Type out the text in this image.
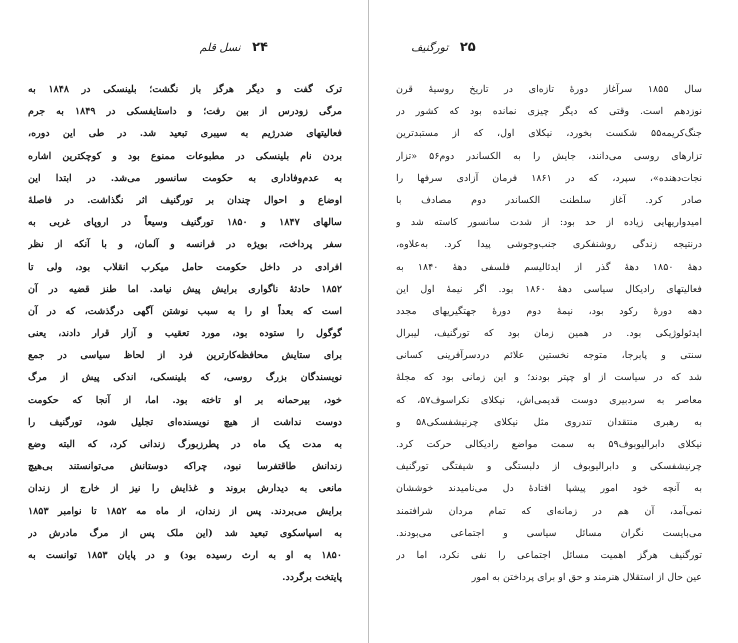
۲۴ نسل قلم
ترک گفت و دیگر هرگز باز نگشت؛ بلینسکی در ۱۸۴۸ به
مرگی زودرس از بین رفت؛ و داستایفسکی در ۱۸۴۹ به جرم
فعالیتهای ضدرژیم به سیبری تبعید شد. در طی این دوره،
بردن نام بلینسکی در مطبوعات ممنوع بود و کوچکترین اشاره
به عدم‌وفاداری به حکومت سانسور می‌شد. در ابتدا این
اوضاع و احوال چندان بر تورگنیف اثر نگذاشت. در فاصلهٔ
سالهای ۱۸۴۷ و ۱۸۵۰ تورگنیف وسیعاً در اروپای غربی به
سفر پرداخت، بویژه در فرانسه و آلمان، و با آنکه از نظر
افرادی در داخل حکومت حامل میکرب انقلاب بود، ولی تا
۱۸۵۲ حادثهٔ ناگواری برایش پیش نیامد. اما طنز قضیه در آن
است که بعداً او را به سبب نوشتن آگهی درگذشت، که در آن
گوگول را ستوده بود، مورد تعقیب و آزار قرار دادند، یعنی
برای ستایش محافظه‌کارترین فرد از لحاظ سیاسی در جمع
نویسندگان بزرگ روسی، که بلینسکی، اندکی پیش از مرگ
خود، بیرحمانه بر او تاخته بود. اما، از آنجا که حکومت
دوست نداشت از هیچ نویسنده‌ای تجلیل شود، تورگنیف را
به مدت یک ماه در پطرزبورگ زندانی کرد، که البته وضع
زندانش طاقتفرسا نبود، چراکه دوستانش می‌توانستند بی‌هیچ
مانعی به دیدارش بروند و غذایش را نیز از خارج از زندان
برایش می‌بردند. پس از زندان، از ماه مه ۱۸۵۲ تا نوامبر ۱۸۵۳
به اسپاسکوی تبعید شد (این ملک پس از مرگ مادرش در
۱۸۵۰ به او به ارث رسیده بود) و در پایان ۱۸۵۳ توانست به
پایتخت برگردد.
۲۵ تورگنیف
سال ۱۸۵۵ سرآغاز دورهٔ تازه‌ای در تاریخ روسیهٔ قرن
نوزدهم است. وقتی که دیگر چیزی نمانده بود که کشور در
جنگ‌کریمه۵۵ شکست بخورد، نیکلای اول، که از مستبدترین
تزارهای روسی می‌دانند، جایش را به الکساندر دوم۵۶ «تزار
نجات‌دهنده»، سپرد، که در ۱۸۶۱ فرمان آزادی سرفها را
صادر کرد. آغاز سلطنت الکساندر دوم مصادف با
امیدواریهایی زیاده از حد بود: از شدت سانسور کاسته شد و
درنتیجه زندگی روشنفکری جنب‌وجوشی پیدا کرد. به‌علاوه،
دههٔ ۱۸۵۰ دههٔ گذر از ایدئالیسم فلسفی دههٔ ۱۸۴۰ به
فعالیتهای رادیکال سیاسی دههٔ ۱۸۶۰ بود. اگر نیمهٔ اول این
دهه دورهٔ رکود بود، نیمهٔ دوم دورهٔ جهتگیریهای مجدد
ایدئولوژیکی بود. در همین زمان بود که تورگنیف، لیبرال
سنتی و پابرجا، متوجه نخستین علائم دردسرآفرینی کسانی
شد که در سیاست از او چپتر بودند؛ و این زمانی بود که مجلهٔ
معاصر به سردبیری دوست قدیمی‌اش، نیکلای نکراسوف۵۷، که
به رهبری منتقدان تندروی مثل نیکلای چرنیشفسکی۵۸ و
نیکلای دابرالیوبوف۵۹ به سمت مواضع رادیکالی حرکت کرد.
چرنیشفسکی و دابرالیوبوف از دلبستگی و شیفتگی تورگنیف
به آنچه خود امور پیشپا افتادهٔ دل می‌نامیدند خوششان
نمی‌آمد، آن هم در زمانه‌ای که تمام مردان شرافتمند
می‌بایست نگران مسائل سیاسی و اجتماعی می‌بودند.
تورگنیف هرگز اهمیت مسائل اجتماعی را نفی نکرد، اما در
عین حال از استقلال هنرمند و حق او برای پرداختن به امور
